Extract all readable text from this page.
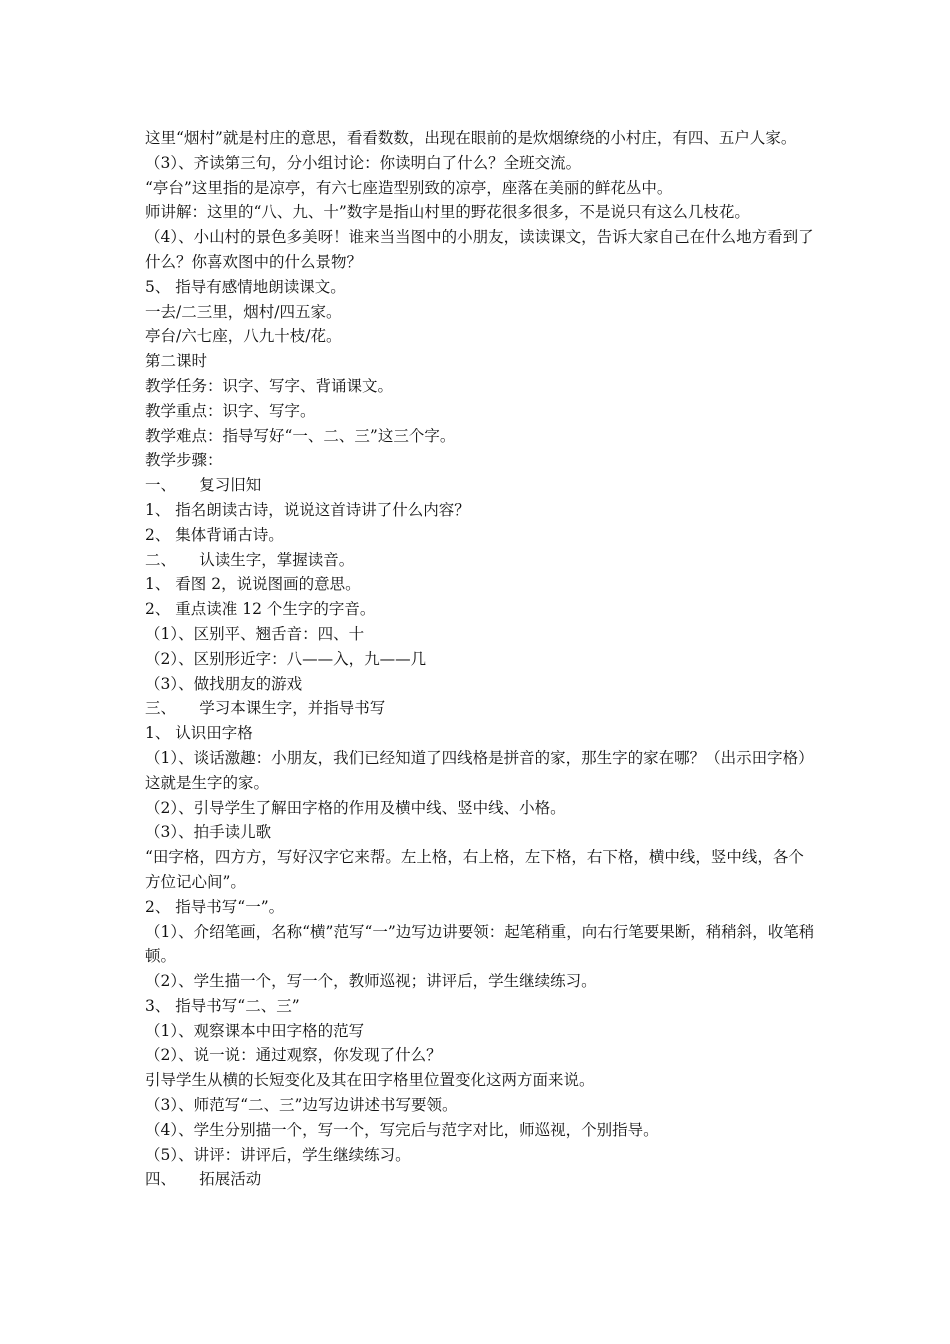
这里“烟村”就是村庄的意思，看看数数，出现在眼前的是炊烟缭绕的小村庄，有四、五户人家。
（3）、齐读第三句，分小组讨论：你读明白了什么？全班交流。
“亭台”这里指的是凉亭，有六七座造型别致的凉亭，座落在美丽的鲜花丛中。
师讲解：这里的“八、九、十”数字是指山村里的野花很多很多，不是说只有这么几枝花。
（4）、小山村的景色多美呀！谁来当当图中的小朋友，读读课文，告诉大家自己在什么地方看到了什么？你喜欢图中的什么景物？
5、 指导有感情地朗读课文。
一去/二三里，烟村/四五家。
亭台/六七座，八九十枝/花。
第二课时
教学任务：识字、写字、背诵课文。
教学重点：识字、写字。
教学难点：指导写好“一、二、三”这三个字。
教学步骤：
一、　　复习旧知
1、 指名朗读古诗，说说这首诗讲了什么内容？
2、 集体背诵古诗。
二、　　认读生字，掌握读音。
1、 看图 2，说说图画的意思。
2、 重点读准 12 个生字的字音。
（1）、区别平、翘舌音：四、十
（2）、区别形近字：八——入，九——几
（3）、做找朋友的游戏
三、　　学习本课生字，并指导书写
1、 认识田字格
（1）、谈话激趣：小朋友，我们已经知道了四线格是拼音的家，那生字的家在哪？（出示田字格）这就是生字的家。
（2）、引导学生了解田字格的作用及横中线、竖中线、小格。
（3）、拍手读儿歌
“田字格，四方方，写好汉字它来帮。左上格，右上格，左下格，右下格，横中线，竖中线，各个方位记心间”。
2、 指导书写“一”。
（1）、介绍笔画，名称“横”范写“一”边写边讲要领：起笔稍重，向右行笔要果断，稍稍斜，收笔稍顿。
（2）、学生描一个，写一个，教师巡视；讲评后，学生继续练习。
3、 指导书写“二、三”
（1）、观察课本中田字格的范写
（2）、说一说：通过观察，你发现了什么？
引导学生从横的长短变化及其在田字格里位置变化这两方面来说。
（3）、师范写“二、三”边写边讲述书写要领。
（4）、学生分别描一个，写一个，写完后与范字对比，师巡视，个别指导。
（5）、讲评：讲评后，学生继续练习。
四、　　拓展活动
